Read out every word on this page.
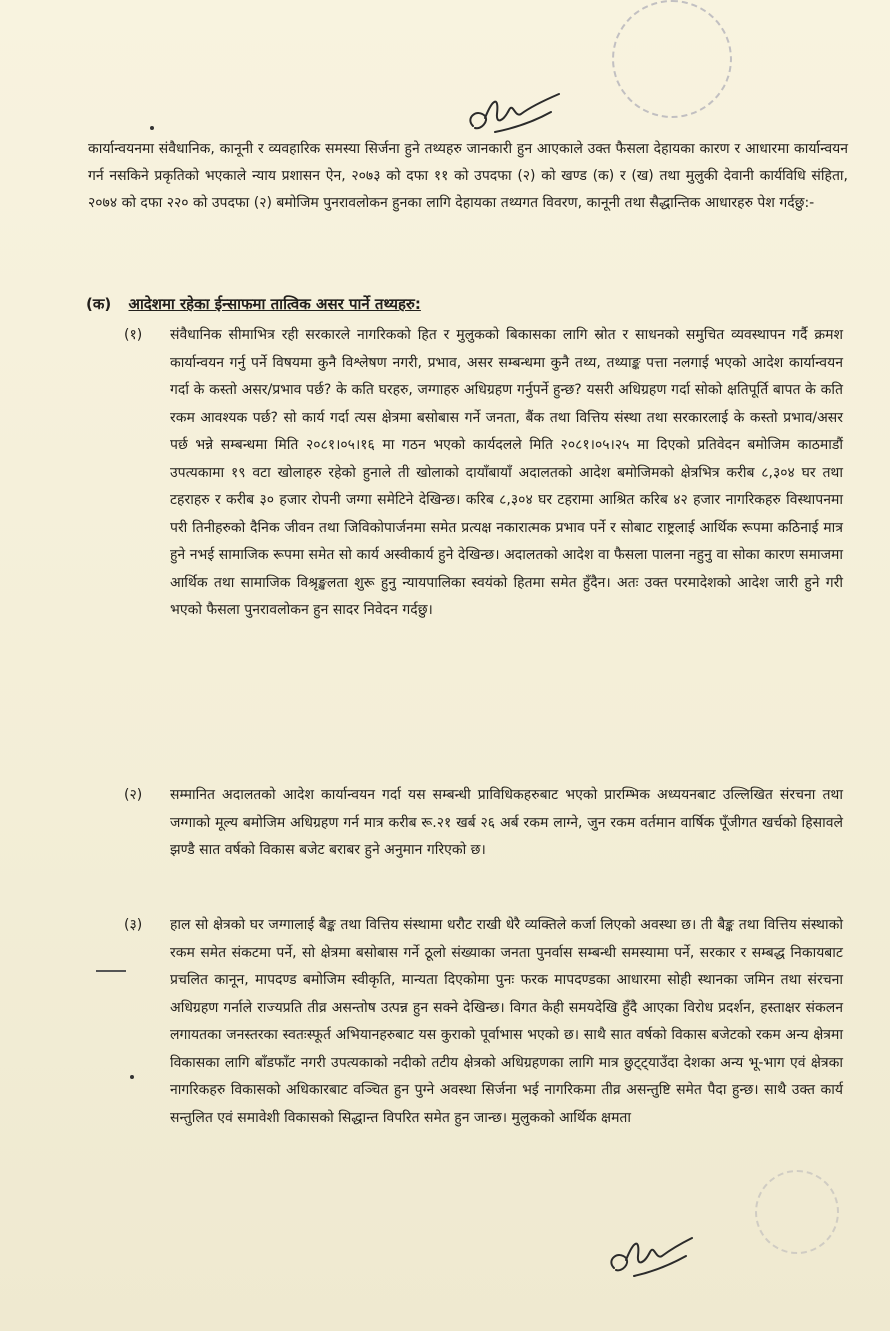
कार्यान्वयनमा संवैधानिक, कानूनी र व्यवहारिक समस्या सिर्जना हुने तथ्यहरु जानकारी हुन आएकाले उक्त फैसला देहायका कारण र आधारमा कार्यान्वयन गर्न नसकिने प्रकृतिको भएकाले न्याय प्रशासन ऐन, २०७३ को दफा ११ को उपदफा (२) को खण्ड (क) र (ख) तथा मुलुकी देवानी कार्यविधि संहिता, २०७४ को दफा २२० को उपदफा (२) बमोजिम पुनरावलोकन हुनका लागि देहायका तथ्यगत विवरण, कानूनी तथा सैद्धान्तिक आधारहरु पेश गर्दछु:-
(क) आदेशमा रहेका ईन्साफमा तात्विक असर पार्ने तथ्यहरु:
(१) संवैधानिक सीमाभित्र रही सरकारले नागरिकको हित र मुलुकको बिकासका लागि स्रोत र साधनको समुचित व्यवस्थापन गर्दै क्रमश कार्यान्वयन गर्नु पर्ने विषयमा कुनै विश्लेषण नगरी, प्रभाव, असर सम्बन्धमा कुनै तथ्य, तथ्याङ्क पत्ता नलगाई भएको आदेश कार्यान्वयन गर्दा के कस्तो असर/प्रभाव पर्छ? के कति घरहरु, जग्गाहरु अधिग्रहण गर्नुपर्ने हुन्छ? यसरी अधिग्रहण गर्दा सोको क्षतिपूर्ति बापत के कति रकम आवश्यक पर्छ? सो कार्य गर्दा त्यस क्षेत्रमा बसोबास गर्ने जनता, बैंक तथा वित्तिय संस्था तथा सरकारलाई के कस्तो प्रभाव/असर पर्छ भन्ने सम्बन्धमा मिति २०८१।०५।१६ मा गठन भएको कार्यदलले मिति २०८१।०५।२५ मा दिएको प्रतिवेदन बमोजिम काठमाडौं उपत्यकामा १९ वटा खोलाहरु रहेको हुनाले ती खोलाको दायाँबायाँ अदालतको आदेश बमोजिमको क्षेत्रभित्र करीब ८,३०४ घर तथा टहराहरु र करीब ३० हजार रोपनी जग्गा समेटिने देखिन्छ। करिब ८,३०४ घर टहरामा आश्रित करिब ४२ हजार नागरिकहरु विस्थापनमा परी तिनीहरुको दैनिक जीवन तथा जिविकोपार्जनमा समेत प्रत्यक्ष नकारात्मक प्रभाव पर्ने र सोबाट राष्ट्रलाई आर्थिक रूपमा कठिनाई मात्र हुने नभई सामाजिक रूपमा समेत सो कार्य अस्वीकार्य हुने देखिन्छ। अदालतको आदेश वा फैसला पालना नहुनु वा सोका कारण समाजमा आर्थिक तथा सामाजिक विश्रृङ्खलता शुरू हुनु न्यायपालिका स्वयंको हितमा समेत हुँदैन। अतः उक्त परमादेशको आदेश जारी हुने गरी भएको फैसला पुनरावलोकन हुन सादर निवेदन गर्दछु।
(२) सम्मानित अदालतको आदेश कार्यान्वयन गर्दा यस सम्बन्धी प्राविधिकहरुबाट भएको प्रारम्भिक अध्ययनबाट उल्लिखित संरचना तथा जग्गाको मूल्य बमोजिम अधिग्रहण गर्न मात्र करीब रू.२१ खर्ब २६ अर्ब रकम लाग्ने, जुन रकम वर्तमान वार्षिक पूँजीगत खर्चको हिसावले झण्डै सात वर्षको विकास बजेट बराबर हुने अनुमान गरिएको छ।
(३) हाल सो क्षेत्रको घर जग्गालाई बैङ्क तथा वित्तिय संस्थामा धरौट राखी धेरै व्यक्तिले कर्जा लिएको अवस्था छ। ती बैङ्क तथा वित्तिय संस्थाको रकम समेत संकटमा पर्ने, सो क्षेत्रमा बसोबास गर्ने ठूलो संख्याका जनता पुनर्वास सम्बन्धी समस्यामा पर्ने, सरकार र सम्बद्ध निकायबाट प्रचलित कानून, मापदण्ड बमोजिम स्वीकृति, मान्यता दिएकोमा पुनः फरक मापदण्डका आधारमा सोही स्थानका जमिन तथा संरचना अधिग्रहण गर्नाले राज्यप्रति तीव्र असन्तोष उत्पन्न हुन सक्ने देखिन्छ। विगत केही समयदेखि हुँदै आएका विरोध प्रदर्शन, हस्ताक्षर संकलन लगायतका जनस्तरका स्वतःस्फूर्त अभियानहरुबाट यस कुराको पूर्वाभास भएको छ। साथै सात वर्षको विकास बजेटको रकम अन्य क्षेत्रमा विकासका लागि बाँडफाँट नगरी उपत्यकाको नदीको तटीय क्षेत्रको अधिग्रहणका लागि मात्र छुट्ट्याउँदा देशका अन्य भू-भाग एवं क्षेत्रका नागरिकहरु विकासको अधिकारबाट वञ्चित हुन पुग्ने अवस्था सिर्जना भई नागरिकमा तीव्र असन्तुष्टि समेत पैदा हुन्छ। साथै उक्त कार्य सन्तुलित एवं समावेशी विकासको सिद्धान्त विपरित समेत हुन जान्छ। मुलुकको आर्थिक क्षमता
